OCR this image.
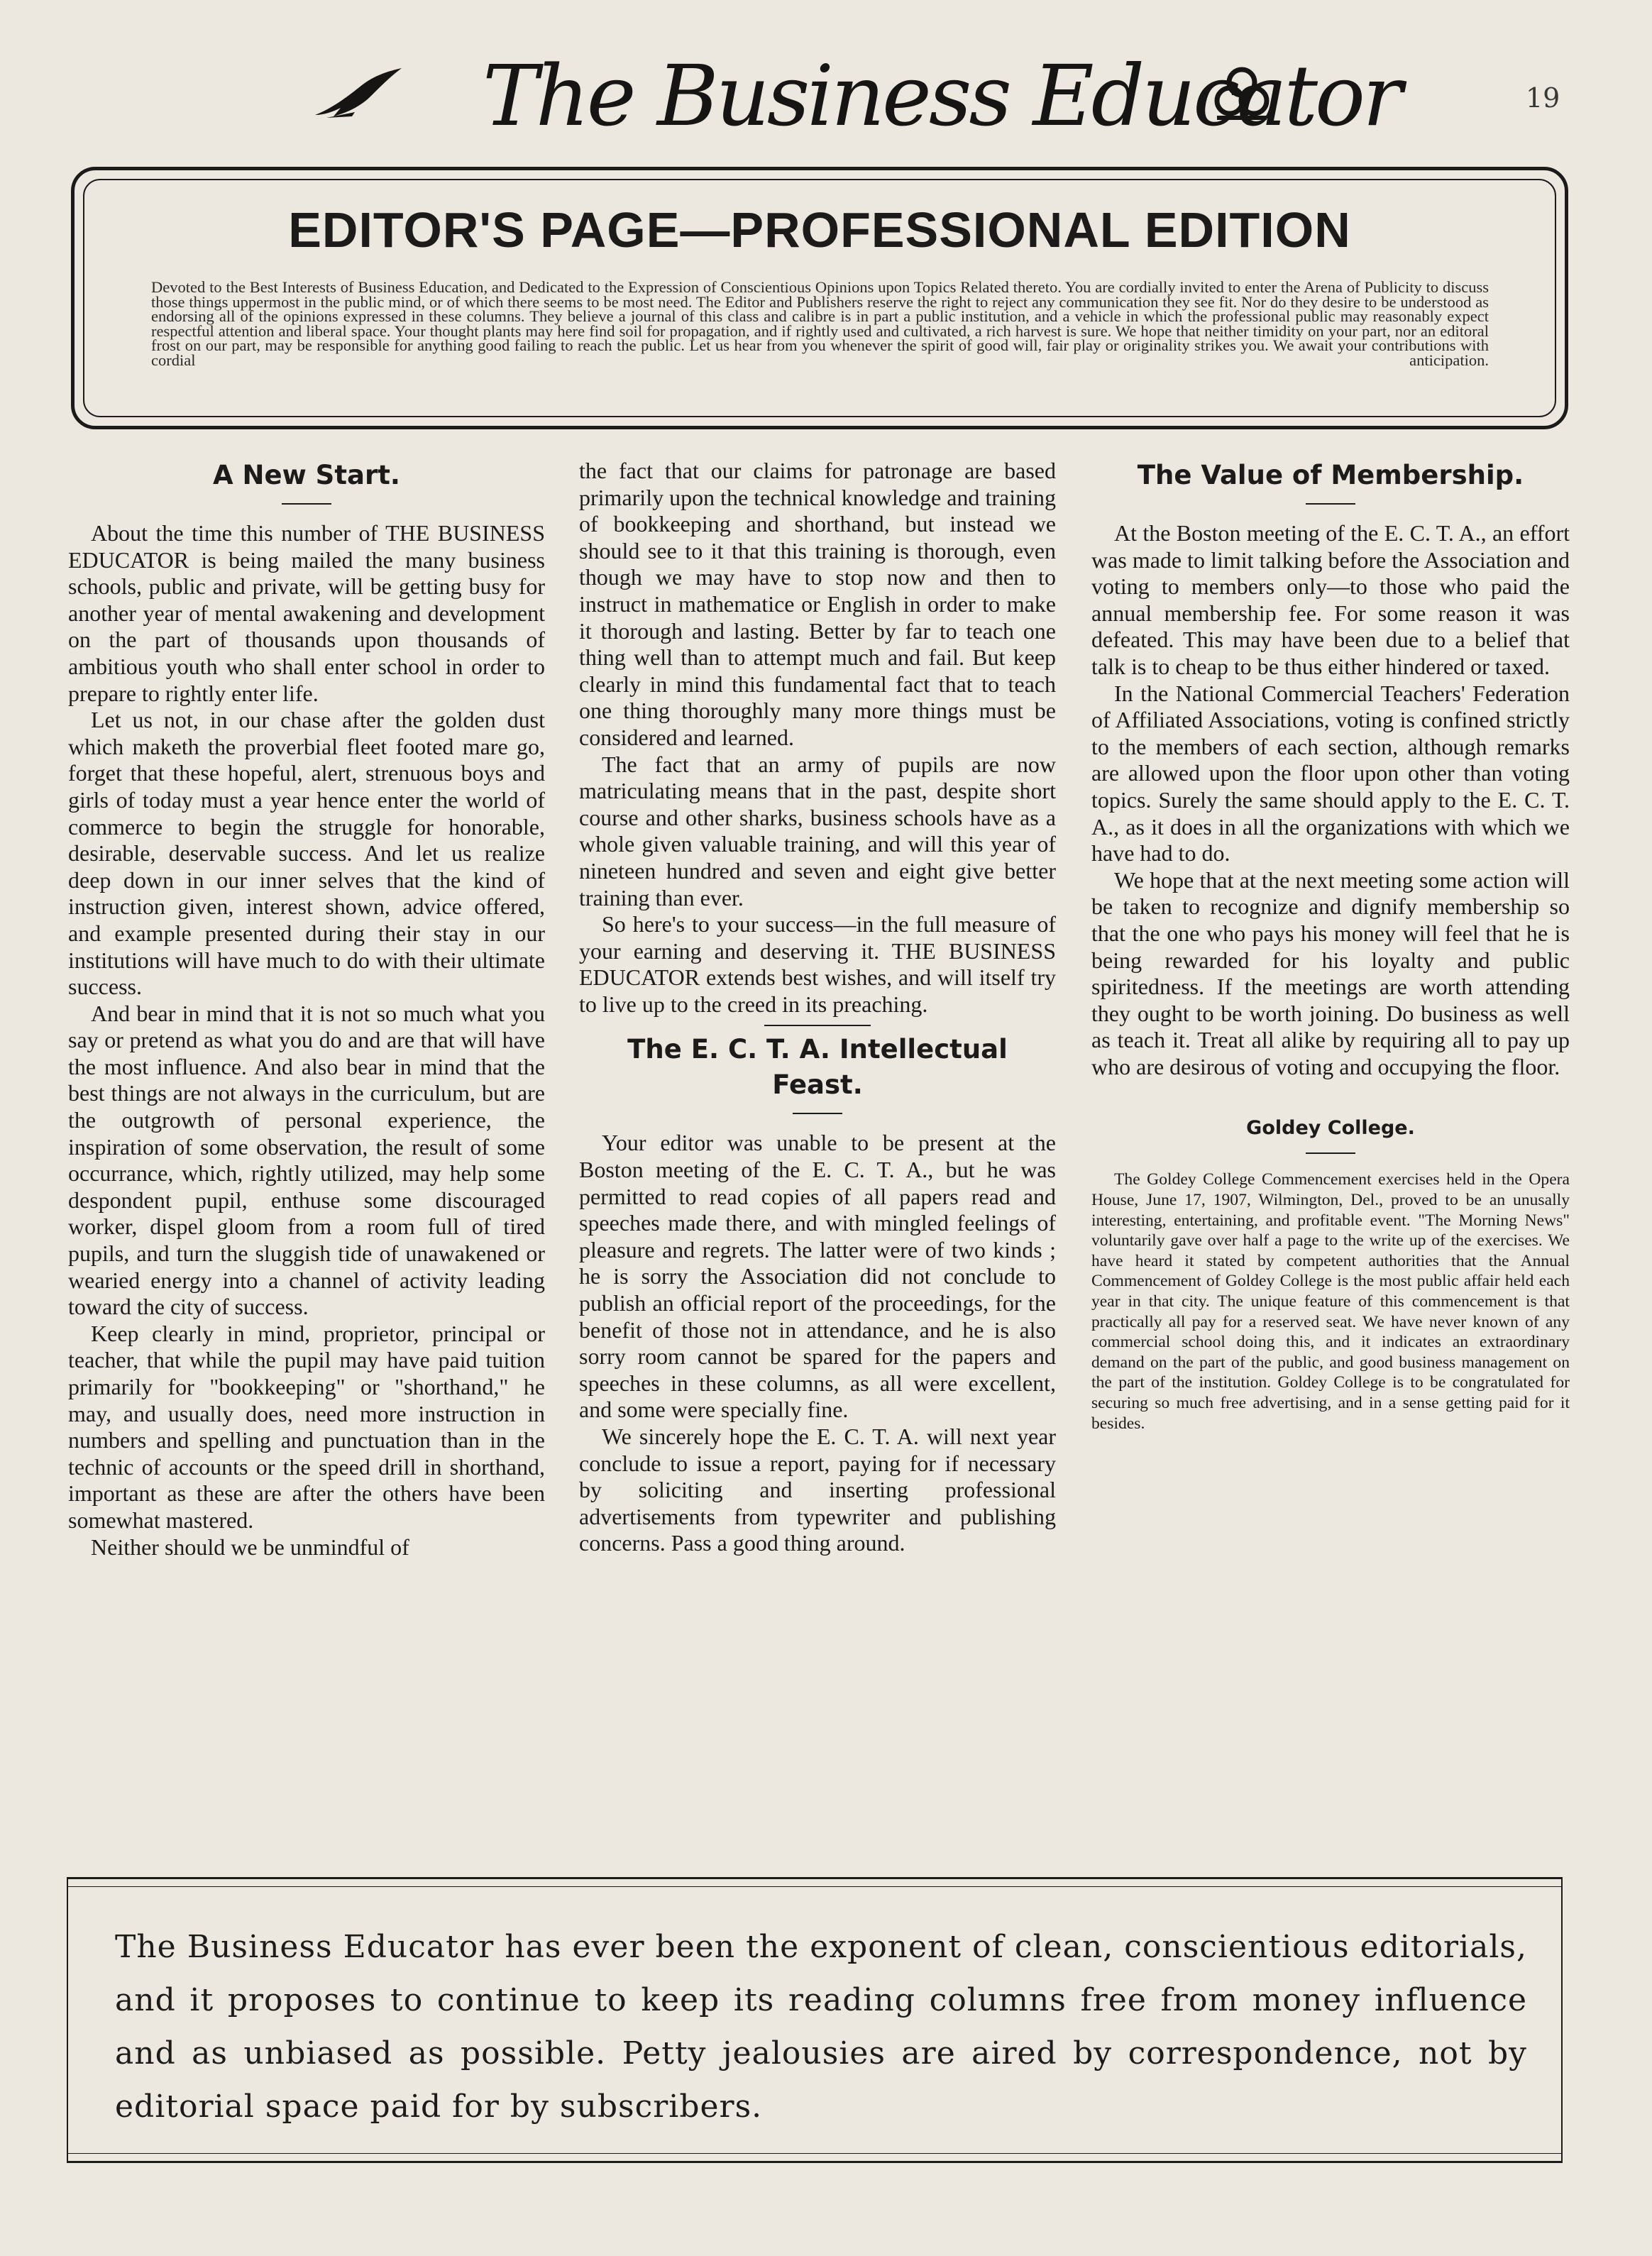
The Business Educator	19
EDITOR'S PAGE—PROFESSIONAL EDITION
Devoted to the Best Interests of Business Education, and Dedicated to the Expression of Conscientious Opinions upon Topics Related thereto. You are cordially invited to enter the Arena of Publicity to discuss those things uppermost in the public mind, or of which there seems to be most need. The Editor and Publishers reserve the right to reject any communication they see fit. Nor do they desire to be understood as endorsing all of the opinions expressed in these columns. They believe a journal of this class and calibre is in part a public institution, and a vehicle in which the professional public may reasonably expect respectful attention and liberal space. Your thought plants may here find soil for propagation, and if rightly used and cultivated, a rich harvest is sure. We hope that neither timidity on your part, nor an editoral frost on our part, may be responsible for anything good failing to reach the public. Let us hear from you whenever the spirit of good will, fair play or originality strikes you. We await your contributions with cordial anticipation.
A New Start.

About the time this number of THE BUSINESS EDUCATOR is being mailed the many business schools, public and private, will be getting busy for another year of mental awakening and development on the part of thousands upon thousands of ambitious youth who shall enter school in order to prepare to rightly enter life.

Let us not, in our chase after the golden dust which maketh the proverbial fleet footed mare go, forget that these hopeful, alert, strenuous boys and girls of today must a year hence enter the world of commerce to begin the struggle for honorable, desirable, deservable success. And let us realize deep down in our inner selves that the kind of instruction given, interest shown, advice offered, and example presented during their stay in our institutions will have much to do with their ultimate success.

And bear in mind that it is not so much what you say or pretend as what you do and are that will have the most influence. And also bear in mind that the best things are not always in the curriculum, but are the outgrowth of personal experience, the inspiration of some observation, the result of some occurrance, which, rightly utilized, may help some despondent pupil, enthuse some discouraged worker, dispel gloom from a room full of tired pupils, and turn the sluggish tide of unawakened or wearied energy into a channel of activity leading toward the city of success.

Keep clearly in mind, proprietor, principal or teacher, that while the pupil may have paid tuition primarily for "bookkeeping" or "shorthand," he may, and usually does, need more instruction in numbers and spelling and punctuation than in the technic of accounts or the speed drill in shorthand, important as these are after the others have been somewhat mastered.

Neither should we be unmindful of

the fact that our claims for patronage are based primarily upon the technical knowledge and training of bookkeeping and shorthand, but instead we should see to it that this training is thorough, even though we may have to stop now and then to instruct in mathematice or English in order to make it thorough and lasting. Better by far to teach one thing well than to attempt much and fail. But keep clearly in mind this fundamental fact that to teach one thing thoroughly many more things must be considered and learned.

The fact that an army of pupils are now matriculating means that in the past, despite short course and other sharks, business schools have as a whole given valuable training, and will this year of nineteen hundred and seven and eight give better training than ever.

So here's to your success—in the full measure of your earning and deserving it. THE BUSINESS EDUCATOR extends best wishes, and will itself try to live up to the creed in its preaching.

The E. C. T. A. Intellectual Feast.

Your editor was unable to be present at the Boston meeting of the E. C. T. A., but he was permitted to read copies of all papers read and speeches made there, and with mingled feelings of pleasure and regrets. The latter were of two kinds ; he is sorry the Association did not conclude to publish an official report of the proceedings, for the benefit of those not in attendance, and he is also sorry room cannot be spared for the papers and speeches in these columns, as all were excellent, and some were specially fine.

We sincerely hope the E. C. T. A. will next year conclude to issue a report, paying for if necessary by soliciting and inserting professional advertisements from typewriter and publishing concerns. Pass a good thing around.

The Value of Membership.

At the Boston meeting of the E. C. T. A., an effort was made to limit talking before the Association and voting to members only—to those who paid the annual membership fee. For some reason it was defeated. This may have been due to a belief that talk is to cheap to be thus either hindered or taxed.

In the National Commercial Teachers' Federation of Affiliated Associations, voting is confined strictly to the members of each section, although remarks are allowed upon the floor upon other than voting topics. Surely the same should apply to the E. C. T. A., as it does in all the organizations with which we have had to do.

We hope that at the next meeting some action will be taken to recognize and dignify membership so that the one who pays his money will feel that he is being rewarded for his loyalty and public spiritedness. If the meetings are worth attending they ought to be worth joining. Do business as well as teach it. Treat all alike by requiring all to pay up who are desirous of voting and occupying the floor.

Goldey College.

The Goldey College Commencement exercises held in the Opera House, June 17, 1907, Wilmington, Del., proved to be an unusally interesting, entertaining, and profitable event. "The Morning News" voluntarily gave over half a page to the write up of the exercises. We have heard it stated by competent authorities that the Annual Commencement of Goldey College is the most public affair held each year in that city. The unique feature of this commencement is that practically all pay for a reserved seat. We have never known of any commercial school doing this, and it indicates an extraordinary demand on the part of the public, and good business management on the part of the institution. Goldey College is to be congratulated for securing so much free advertising, and in a sense getting paid for it besides.

The Business Educator has ever been the exponent of clean, conscientious editorials, and it proposes to continue to keep its reading columns free from money influence and as unbiased as possible. Petty jealousies are aired by correspondence, not by editorial space paid for by subscribers.
